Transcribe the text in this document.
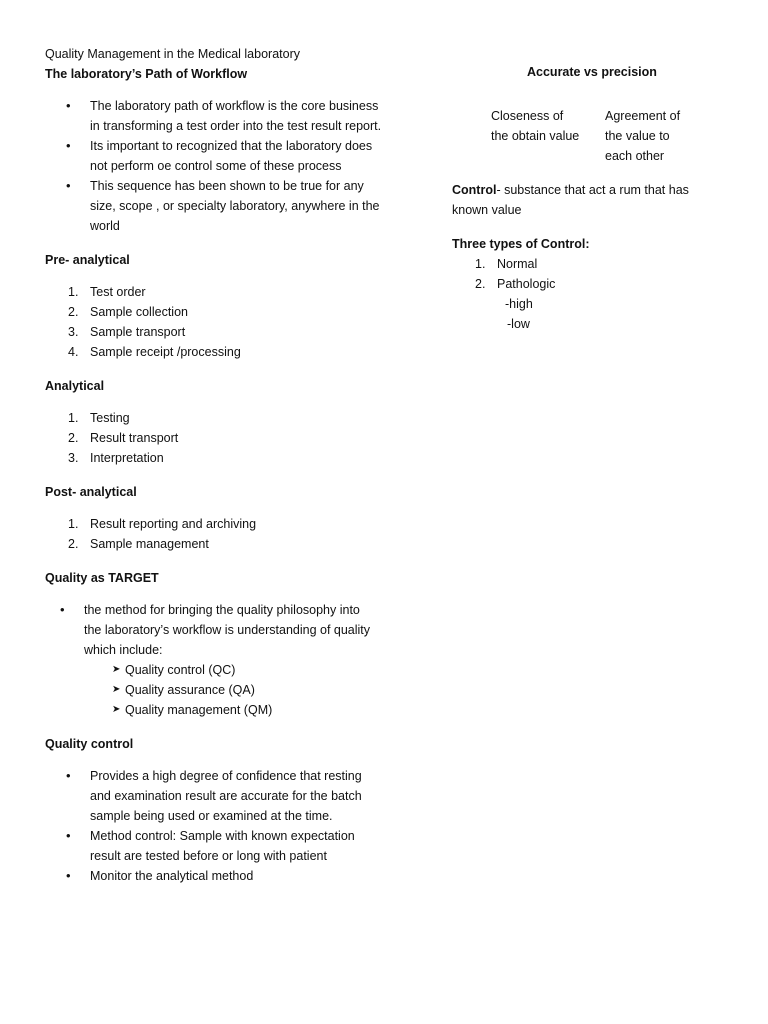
Quality Management in the Medical laboratory
The laboratory’s Path of Workflow
• The laboratory path of workflow is the core business in transforming a test order into the test result report.
• Its important to recognized that the laboratory does not perform oe control some of these process
• This sequence has been shown to be true for any size, scope , or specialty laboratory, anywhere in the world
Pre- analytical
1. Test order
2. Sample collection
3. Sample transport
4. Sample receipt /processing
Analytical
1. Testing
2. Result transport
3. Interpretation
Post- analytical
1. Result reporting and archiving
2. Sample management
Quality as TARGET
• the method for bringing the quality philosophy into the laboratory’s workflow is understanding of quality which include:
➤ Quality control (QC)
➤ Quality assurance (QA)
➤ Quality management (QM)
Quality control
• Provides a high degree of confidence that resting and examination result are accurate for the batch sample being used or examined at the time.
• Method control: Sample with known expectation result are tested before or long with patient
• Monitor the analytical method
Accurate vs precision
Closeness of the obtain value
Agreement of the value to each other
Control- substance that act a rum that has known value
Three types of Control:
1. Normal
2. Pathologic
-high
-low
